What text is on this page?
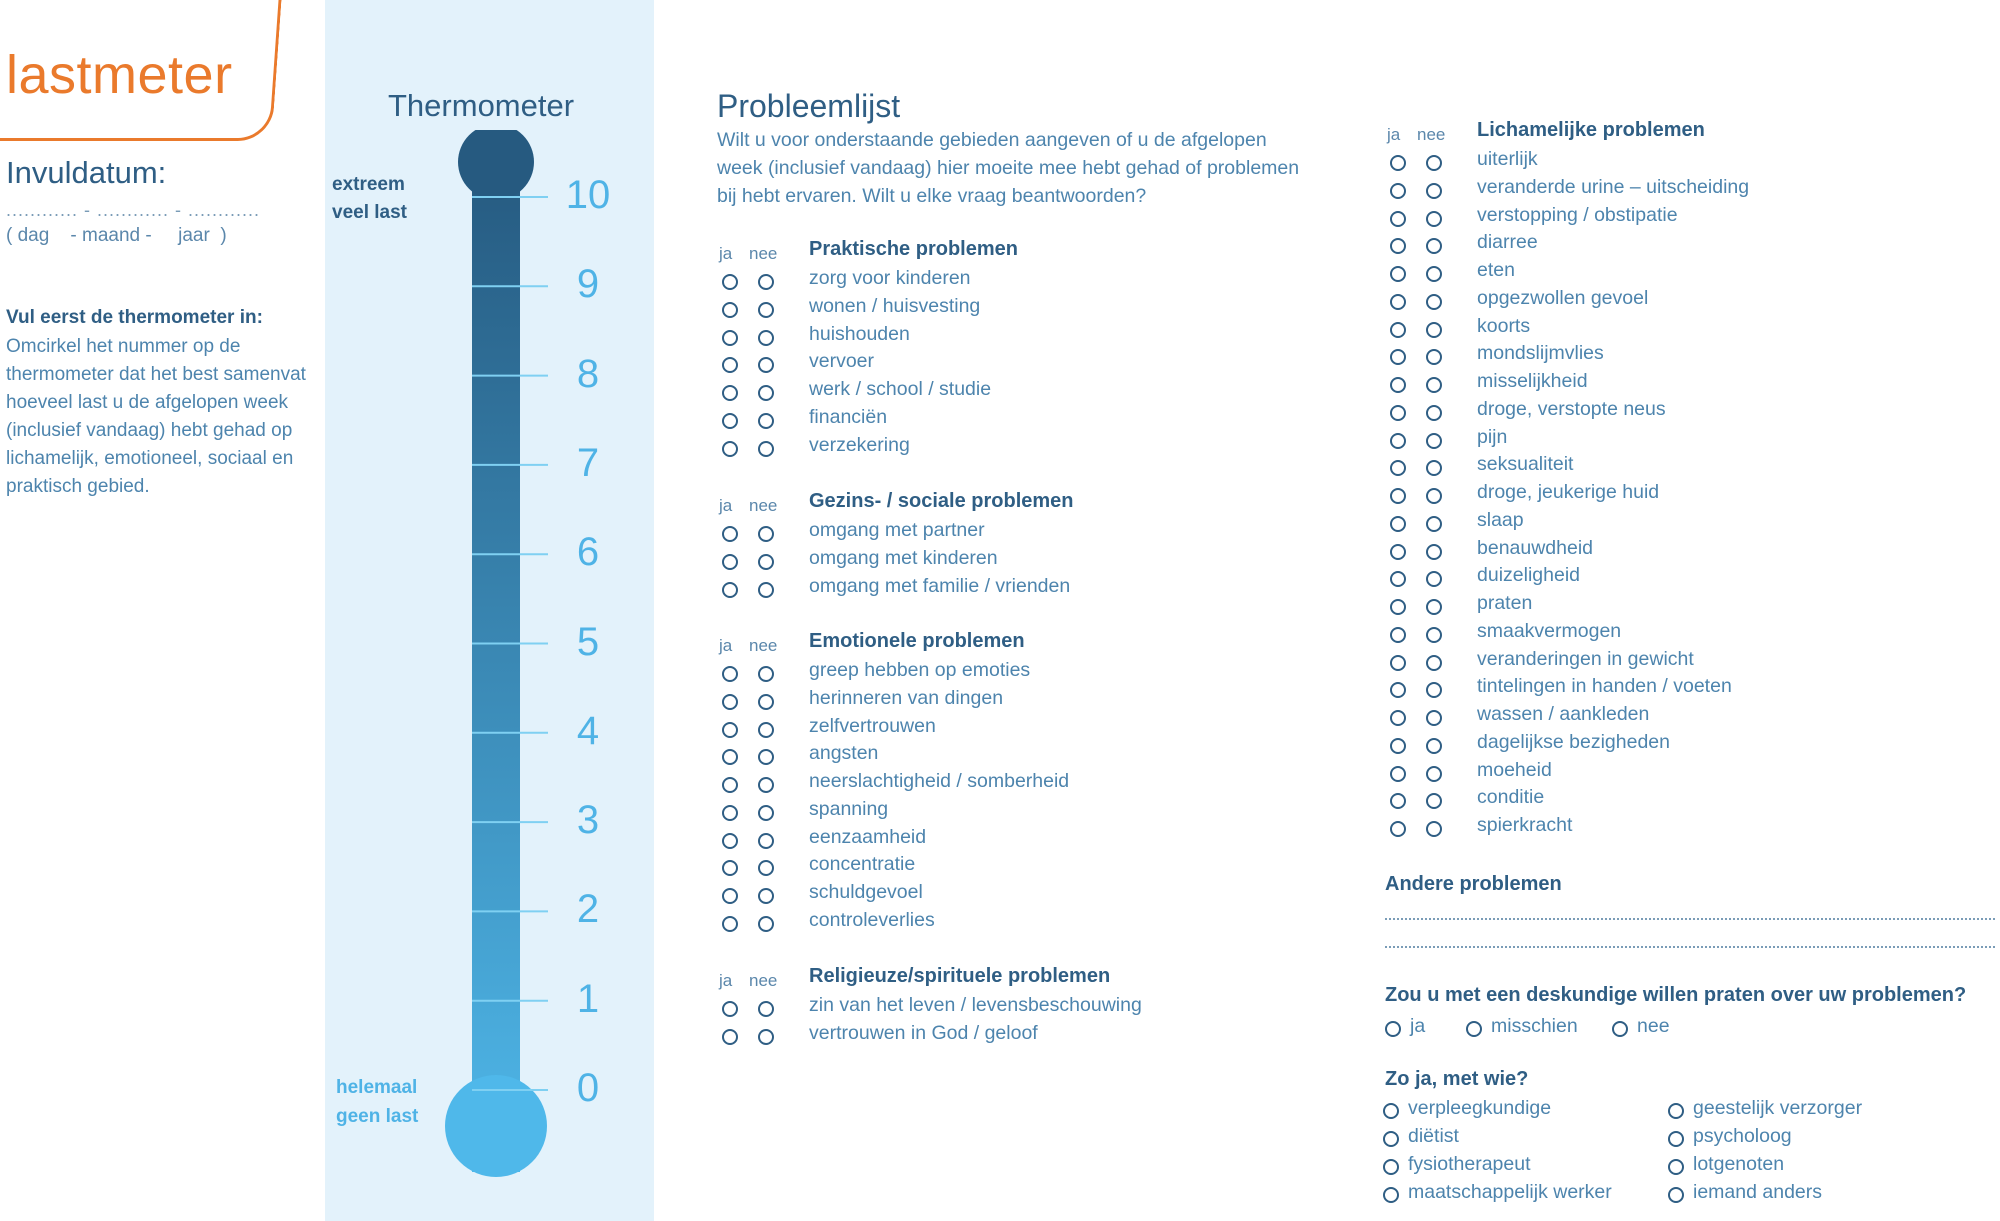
lastmeter
Invuldatum:
............ - ............ - ............
( dag    - maand -     jaar  )
Vul eerst de thermometer in:
Omcirkel het nummer op de thermometer dat het best samenvat hoeveel last u de afgelopen week (inclusief vandaag) hebt gehad op lichamelijk, emotioneel, sociaal en praktisch gebied.
Thermometer
extreem
veel last
helemaal
geen last
10
9
8
7
6
5
4
3
2
1
0
Probleemlijst
Wilt u voor onderstaande gebieden aangeven of u de afgelopen week (inclusief vandaag) hier moeite mee hebt gehad of problemen bij hebt ervaren. Wilt u elke vraag beantwoorden?
ja nee Praktische problemen
zorg voor kinderen
wonen / huisvesting
huishouden
vervoer
werk / school / studie
financiën
verzekering
ja nee Gezins- / sociale problemen
omgang met partner
omgang met kinderen
omgang met familie / vrienden
ja nee Emotionele problemen
greep hebben op emoties
herinneren van dingen
zelfvertrouwen
angsten
neerslachtigheid / somberheid
spanning
eenzaamheid
concentratie
schuldgevoel
controleverlies
ja nee Religieuze/spirituele problemen
zin van het leven / levensbeschouwing
vertrouwen in God / geloof
ja nee Lichamelijke problemen
uiterlijk
veranderde urine – uitscheiding
verstopping / obstipatie
diarree
eten
opgezwollen gevoel
koorts
mondslijmvlies
misselijkheid
droge, verstopte neus
pijn
seksualiteit
droge, jeukerige huid
slaap
benauwdheid
duizeligheid
praten
smaakvermogen
veranderingen in gewicht
tintelingen in handen / voeten
wassen / aankleden
dagelijkse bezigheden
moeheid
conditie
spierkracht
Andere problemen
Zou u met een deskundige willen praten over uw problemen?
ja	misschien	nee
Zo ja, met wie?
verpleegkundige
diëtist
fysiotherapeut
maatschappelijk werker
geestelijk verzorger
psycholoog
lotgenoten
iemand anders
